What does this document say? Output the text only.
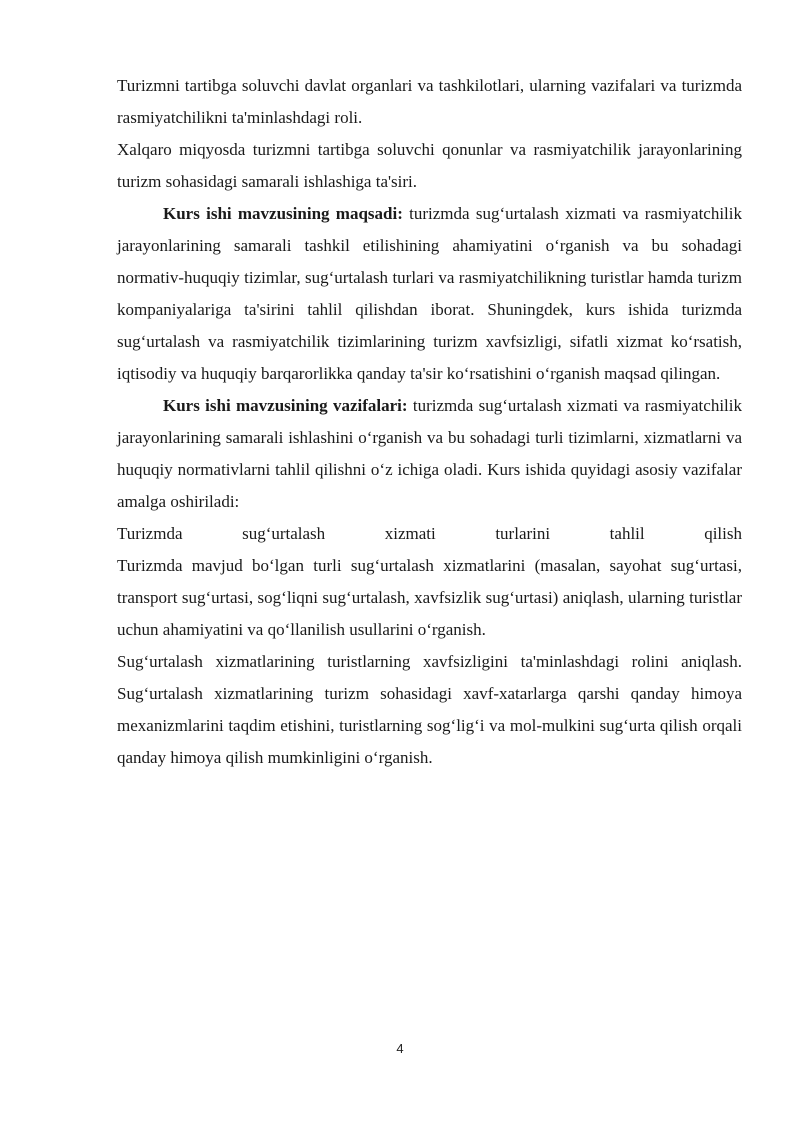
Turizmni tartibga soluvchi davlat organlari va tashkilotlari, ularning vazifalari va turizmda rasmiyatchilikni ta'minlashdagi roli.

Xalqaro miqyosda turizmni tartibga soluvchi qonunlar va rasmiyatchilik jarayonlarining turizm sohasidagi samarali ishlashiga ta'siri.

Kurs ishi mavzusining maqsadi: turizmda sug‘urtalash xizmati va rasmiyatchilik jarayonlarining samarali tashkil etilishining ahamiyatini o‘rganish va bu sohadagi normativ-huquqiy tizimlar, sug‘urtalash turlari va rasmiyatchilikning turistlar hamda turizm kompaniyalariga ta'sirini tahlil qilishdan iborat. Shuningdek, kurs ishida turizmda sug‘urtalash va rasmiyatchilik tizimlarining turizm xavfsizligi, sifatli xizmat ko‘rsatish, iqtisodiy va huquqiy barqarorlikka qanday ta'sir ko‘rsatishini o‘rganish maqsad qilingan.

Kurs ishi mavzusining vazifalari: turizmda sug‘urtalash xizmati va rasmiyatchilik jarayonlarining samarali ishlashini o‘rganish va bu sohadagi turli tizimlarni, xizmatlarni va huquqiy normativlarni tahlil qilishni o‘z ichiga oladi. Kurs ishida quyidagi asosiy vazifalar amalga oshiriladi:

Turizmda sug‘urtalash xizmati turlarini tahlil qilish

Turizmda mavjud bo‘lgan turli sug‘urtalash xizmatlarini (masalan, sayohat sug‘urtasi, transport sug‘urtasi, sog‘liqni sug‘urtalash, xavfsizlik sug‘urtasi) aniqlash, ularning turistlar uchun ahamiyatini va qo‘llanilish usullarini o‘rganish.

Sug‘urtalash xizmatlarining turistlarning xavfsizligini ta'minlashdagi rolini aniqlash. Sug‘urtalash xizmatlarining turizm sohasidagi xavf-xatarlarga qarshi qanday himoya mexanizmlarini taqdim etishini, turistlarning sog‘lig‘i va mol-mulkini sug‘urta qilish orqali qanday himoya qilish mumkinligini o‘rganish.

4
